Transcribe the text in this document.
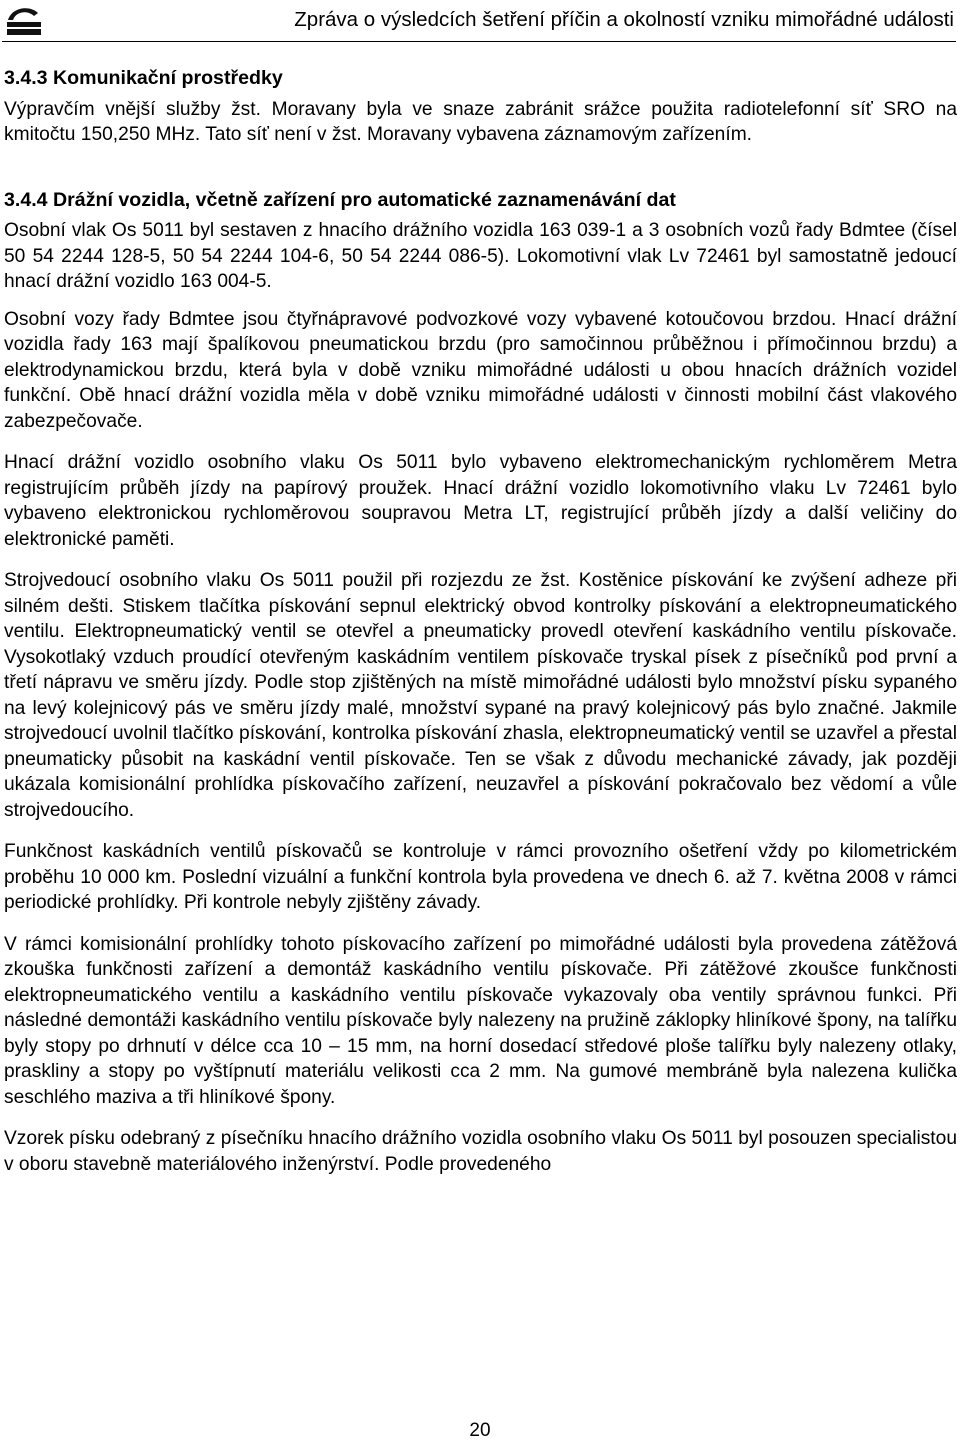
Zpráva o výsledcích šetření příčin a okolností vzniku mimořádné události
3.4.3 Komunikační prostředky

Výpravčím vnější služby žst. Moravany byla ve snaze zabránit srážce použita radiotelefonní síť SRO na kmitočtu 150,250 MHz. Tato síť není v žst. Moravany vybavena záznamovým zařízením.

3.4.4 Drážní vozidla, včetně zařízení pro automatické zaznamenávání dat

Osobní vlak Os 5011 byl sestaven z hnacího drážního vozidla 163 039-1 a 3 osobních vozů řady Bdmtee (čísel 50 54 2244 128-5, 50 54 2244 104-6, 50 54 2244 086-5). Lokomotivní vlak Lv 72461 byl samostatně jedoucí hnací drážní vozidlo 163 004-5.

Osobní vozy řady Bdmtee jsou čtyřnápravové podvozkové vozy vybavené kotoučovou brzdou. Hnací drážní vozidla řady 163 mají špalíkovou pneumatickou brzdu (pro samočinnou průběžnou i přímočinnou brzdu) a elektrodynamickou brzdu, která byla v době vzniku mimořádné události u obou hnacích drážních vozidel funkční. Obě hnací drážní vozidla měla v době vzniku mimořádné události v činnosti mobilní část vlakového zabezpečovače.

Hnací drážní vozidlo osobního vlaku Os 5011 bylo vybaveno elektromechanickým rychloměrem Metra registrujícím průběh jízdy na papírový proužek. Hnací drážní vozidlo lokomotivního vlaku Lv 72461 bylo vybaveno elektronickou rychloměrovou soupravou Metra LT, registrující průběh jízdy a další veličiny do elektronické paměti.

Strojvedoucí osobního vlaku Os 5011 použil při rozjezdu ze žst. Kostěnice pískování ke zvýšení adheze při silném dešti. Stiskem tlačítka pískování sepnul elektrický obvod kontrolky pískování a elektropneumatického ventilu. Elektropneumatický ventil se otevřel a pneumaticky provedl otevření kaskádního ventilu pískovače. Vysokotlaký vzduch proudící otevřeným kaskádním ventilem pískovače tryskal písek z písečníků pod první a třetí nápravu ve směru jízdy. Podle stop zjištěných na místě mimořádné události bylo množství písku sypaného na levý kolejnicový pás ve směru jízdy malé, množství sypané na pravý kolejnicový pás bylo značné. Jakmile strojvedoucí uvolnil tlačítko pískování, kontrolka pískování zhasla, elektropneumatický ventil se uzavřel a přestal pneumaticky působit na kaskádní ventil pískovače. Ten se však z důvodu mechanické závady, jak později ukázala komisionální prohlídka pískovačího zařízení, neuzavřel a pískování pokračovalo bez vědomí a vůle strojvedoucího.

Funkčnost kaskádních ventilů pískovačů se kontroluje v rámci provozního ošetření vždy po kilometrickém proběhu 10 000 km. Poslední vizuální a funkční kontrola byla provedena ve dnech 6. až 7. května 2008 v rámci periodické prohlídky. Při kontrole nebyly zjištěny závady.

V rámci komisionální prohlídky tohoto pískovacího zařízení po mimořádné události byla provedena zátěžová zkouška funkčnosti zařízení a demontáž kaskádního ventilu pískovače. Při zátěžové zkoušce funkčnosti elektropneumatického ventilu a kaskádního ventilu pískovače vykazovaly oba ventily správnou funkci. Při následné demontáži kaskádního ventilu pískovače byly nalezeny na pružině záklopky hliníkové špony, na talířku byly stopy po drhnutí v délce cca 10 – 15 mm, na horní dosedací středové ploše talířku byly nalezeny otlaky, praskliny a stopy po vyštípnutí materiálu velikosti cca 2 mm. Na gumové membráně byla nalezena kulička seschlého maziva a tři hliníkové špony.

Vzorek písku odebraný z písečníku hnacího drážního vozidla osobního vlaku Os 5011 byl posouzen specialistou v oboru stavebně materiálového inženýrství. Podle provedeného

20
